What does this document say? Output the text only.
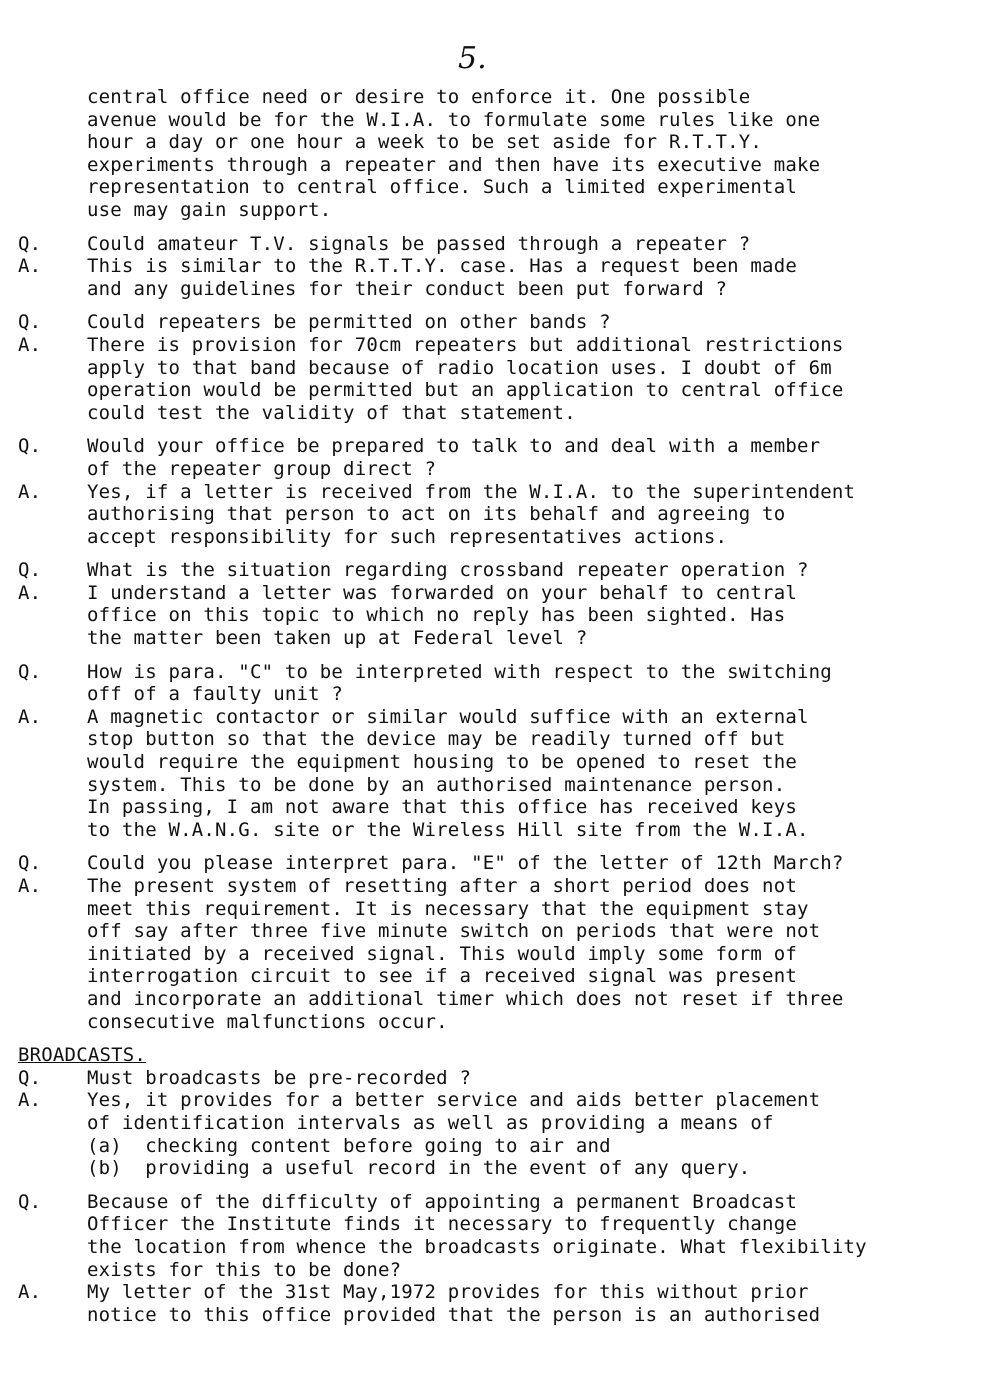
5.
central office need or desire to enforce it. One possible
avenue would be for the W.I.A. to formulate some rules like one
hour a day or one hour a week to be set aside for R.T.T.Y.
experiments through a repeater and then have its executive make
representation to central office. Such a limited experimental
use may gain support.
Q.	Could amateur T.V. signals be passed through a repeater ?
A.	This is similar to the R.T.T.Y. case. Has a request been made
and any guidelines for their conduct been put forward ?
Q.	Could repeaters be permitted on other bands ?
A.	There is provision for 70cm repeaters but additional restrictions
apply to that band because of radio location uses. I doubt of 6m
operation would be permitted but an application to central office
could test the validity of that statement.
Q.	Would your office be prepared to talk to and deal with a member
of the repeater group direct ?
A.	Yes, if a letter is received from the W.I.A. to the superintendent
authorising that person to act on its behalf and agreeing to
accept responsibility for such representatives actions.
Q.	What is the situation regarding crossband repeater operation ?
A.	I understand a letter was forwarded on your behalf to central
office on this topic to which no reply has been sighted. Has
the matter been taken up at Federal level ?
Q.	How is para. "C" to be interpreted with respect to the switching
off of a faulty unit ?
A.	A magnetic contactor or similar would suffice with an external
stop button so that the device may be readily turned off but
would require the equipment housing to be opened to reset the
system. This to be done by an authorised maintenance person.
In passing, I am not aware that this office has received keys
to the W.A.N.G. site or the Wireless Hill site from the W.I.A.
Q.	Could you please interpret para. "E" of the letter of 12th March?
A.	The present system of resetting after a short period does not
meet this requirement. It is necessary that the equipment stay
off say after three five minute switch on periods that were not
initiated by a received signal. This would imply some form of
interrogation circuit to see if a received signal was present
and incorporate an additional timer which does not reset if three
consecutive malfunctions occur.
BROADCASTS.
Q.	Must broadcasts be pre-recorded ?
A.	Yes, it provides for a better service and aids better placement
of identification intervals as well as providing a means of
(a)  checking content before going to air and
(b)  providing a useful record in the event of any query.
Q.	Because of the difficulty of appointing a permanent Broadcast
Officer the Institute finds it necessary to frequently change
the location from whence the broadcasts originate. What flexibility
exists for this to be done?
A.	My letter of the 31st May,1972 provides for this without prior
notice to this office provided that the person is an authorised
